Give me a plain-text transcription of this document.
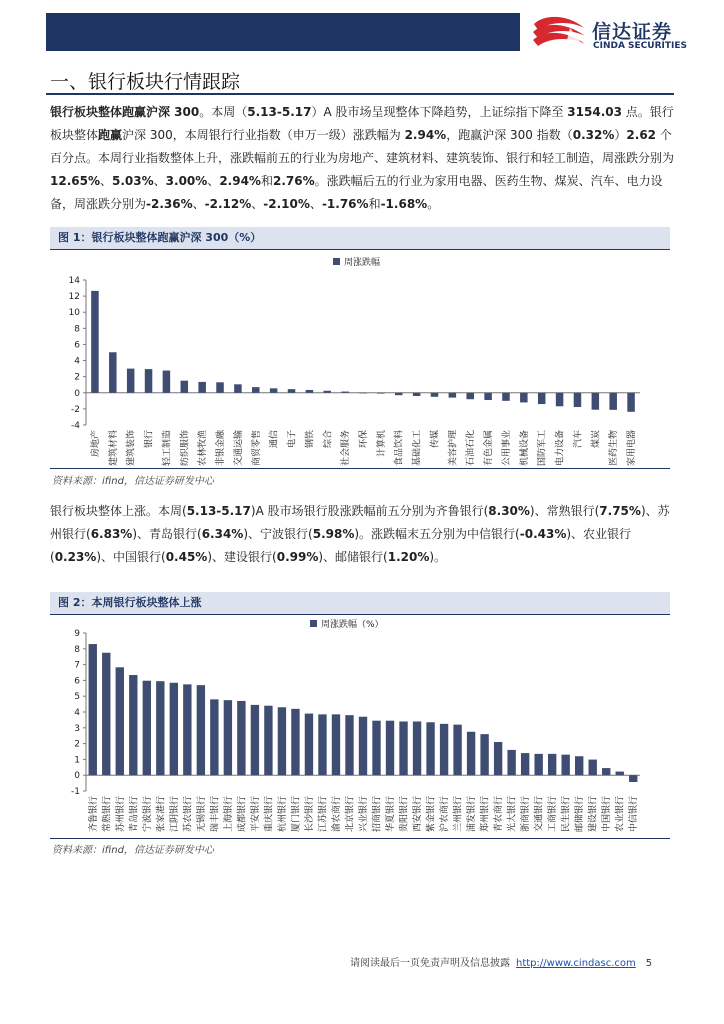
信达证券
CINDA SECURITIES
一、银行板块行情跟踪
银行板块整体跑赢沪深 300。本周（5.13-5.17）A 股市场呈现整体下降趋势，上证综指下降至 3154.03 点。银行板块整体跑赢沪深 300，本周银行行业指数（申万一级）涨跌幅为 2.94%，跑赢沪深 300 指数（0.32%）2.62 个百分点。本周行业指数整体上升，涨跌幅前五的行业为房地产、建筑材料、建筑装饰、银行和轻工制造，周涨跌分别为 12.65%、5.03%、3.00%、2.94%和2.76%。涨跌幅后五的行业为家用电器、医药生物、煤炭、汽车、电力设备，周涨跌分别为-2.36%、-2.12%、-2.10%、-1.76%和-1.68%。
图 1：银行板块整体跑赢沪深 300（%）
周涨跌幅
-4
-2
0
2
4
6
8
10
12
14
房地产 建筑材料 建筑装饰 银行 轻工制造 纺织服饰 农林牧渔 非银金融 交通运输 商贸零售 通信 电子 钢铁 综合 社会服务 环保 计算机 食品饮料 基础化工 传媒 美容护理 石油石化 有色金属 公用事业 机械设备 国防军工 电力设备 汽车 煤炭 医药生物 家用电器
资料来源：ifind，信达证券研发中心
银行板块整体上涨。本周(5.13-5.17)A 股市场银行股涨跌幅前五分别为齐鲁银行(8.30%)、常熟银行(7.75%)、苏州银行(6.83%)、青岛银行(6.34%)、宁波银行(5.98%)。涨跌幅末五分别为中信银行(-0.43%)、农业银行(0.23%)、中国银行(0.45%)、建设银行(0.99%)、邮储银行(1.20%)。
图 2：本周银行板块整体上涨
周涨跌幅（%）
-1
0
1
2
3
4
5
6
7
8
9
齐鲁银行 常熟银行 苏州银行 青岛银行 宁波银行 张家港行 江阴银行 苏农银行 无锡银行 瑞丰银行 上海银行 成都银行 平安银行 重庆银行 杭州银行 厦门银行 长沙银行 江苏银行 渝农商行 北京银行 兴业银行 招商银行 华夏银行 贵阳银行 西安银行 紫金银行 沪农商行 兰州银行 浦发银行 郑州银行 青农商行 光大银行 浙商银行 交通银行 工商银行 民生银行 邮储银行 建设银行 中国银行 农业银行 中信银行
资料来源：ifind，信达证券研发中心
请阅读最后一页免责声明及信息披露 http://www.cindasc.com 5
